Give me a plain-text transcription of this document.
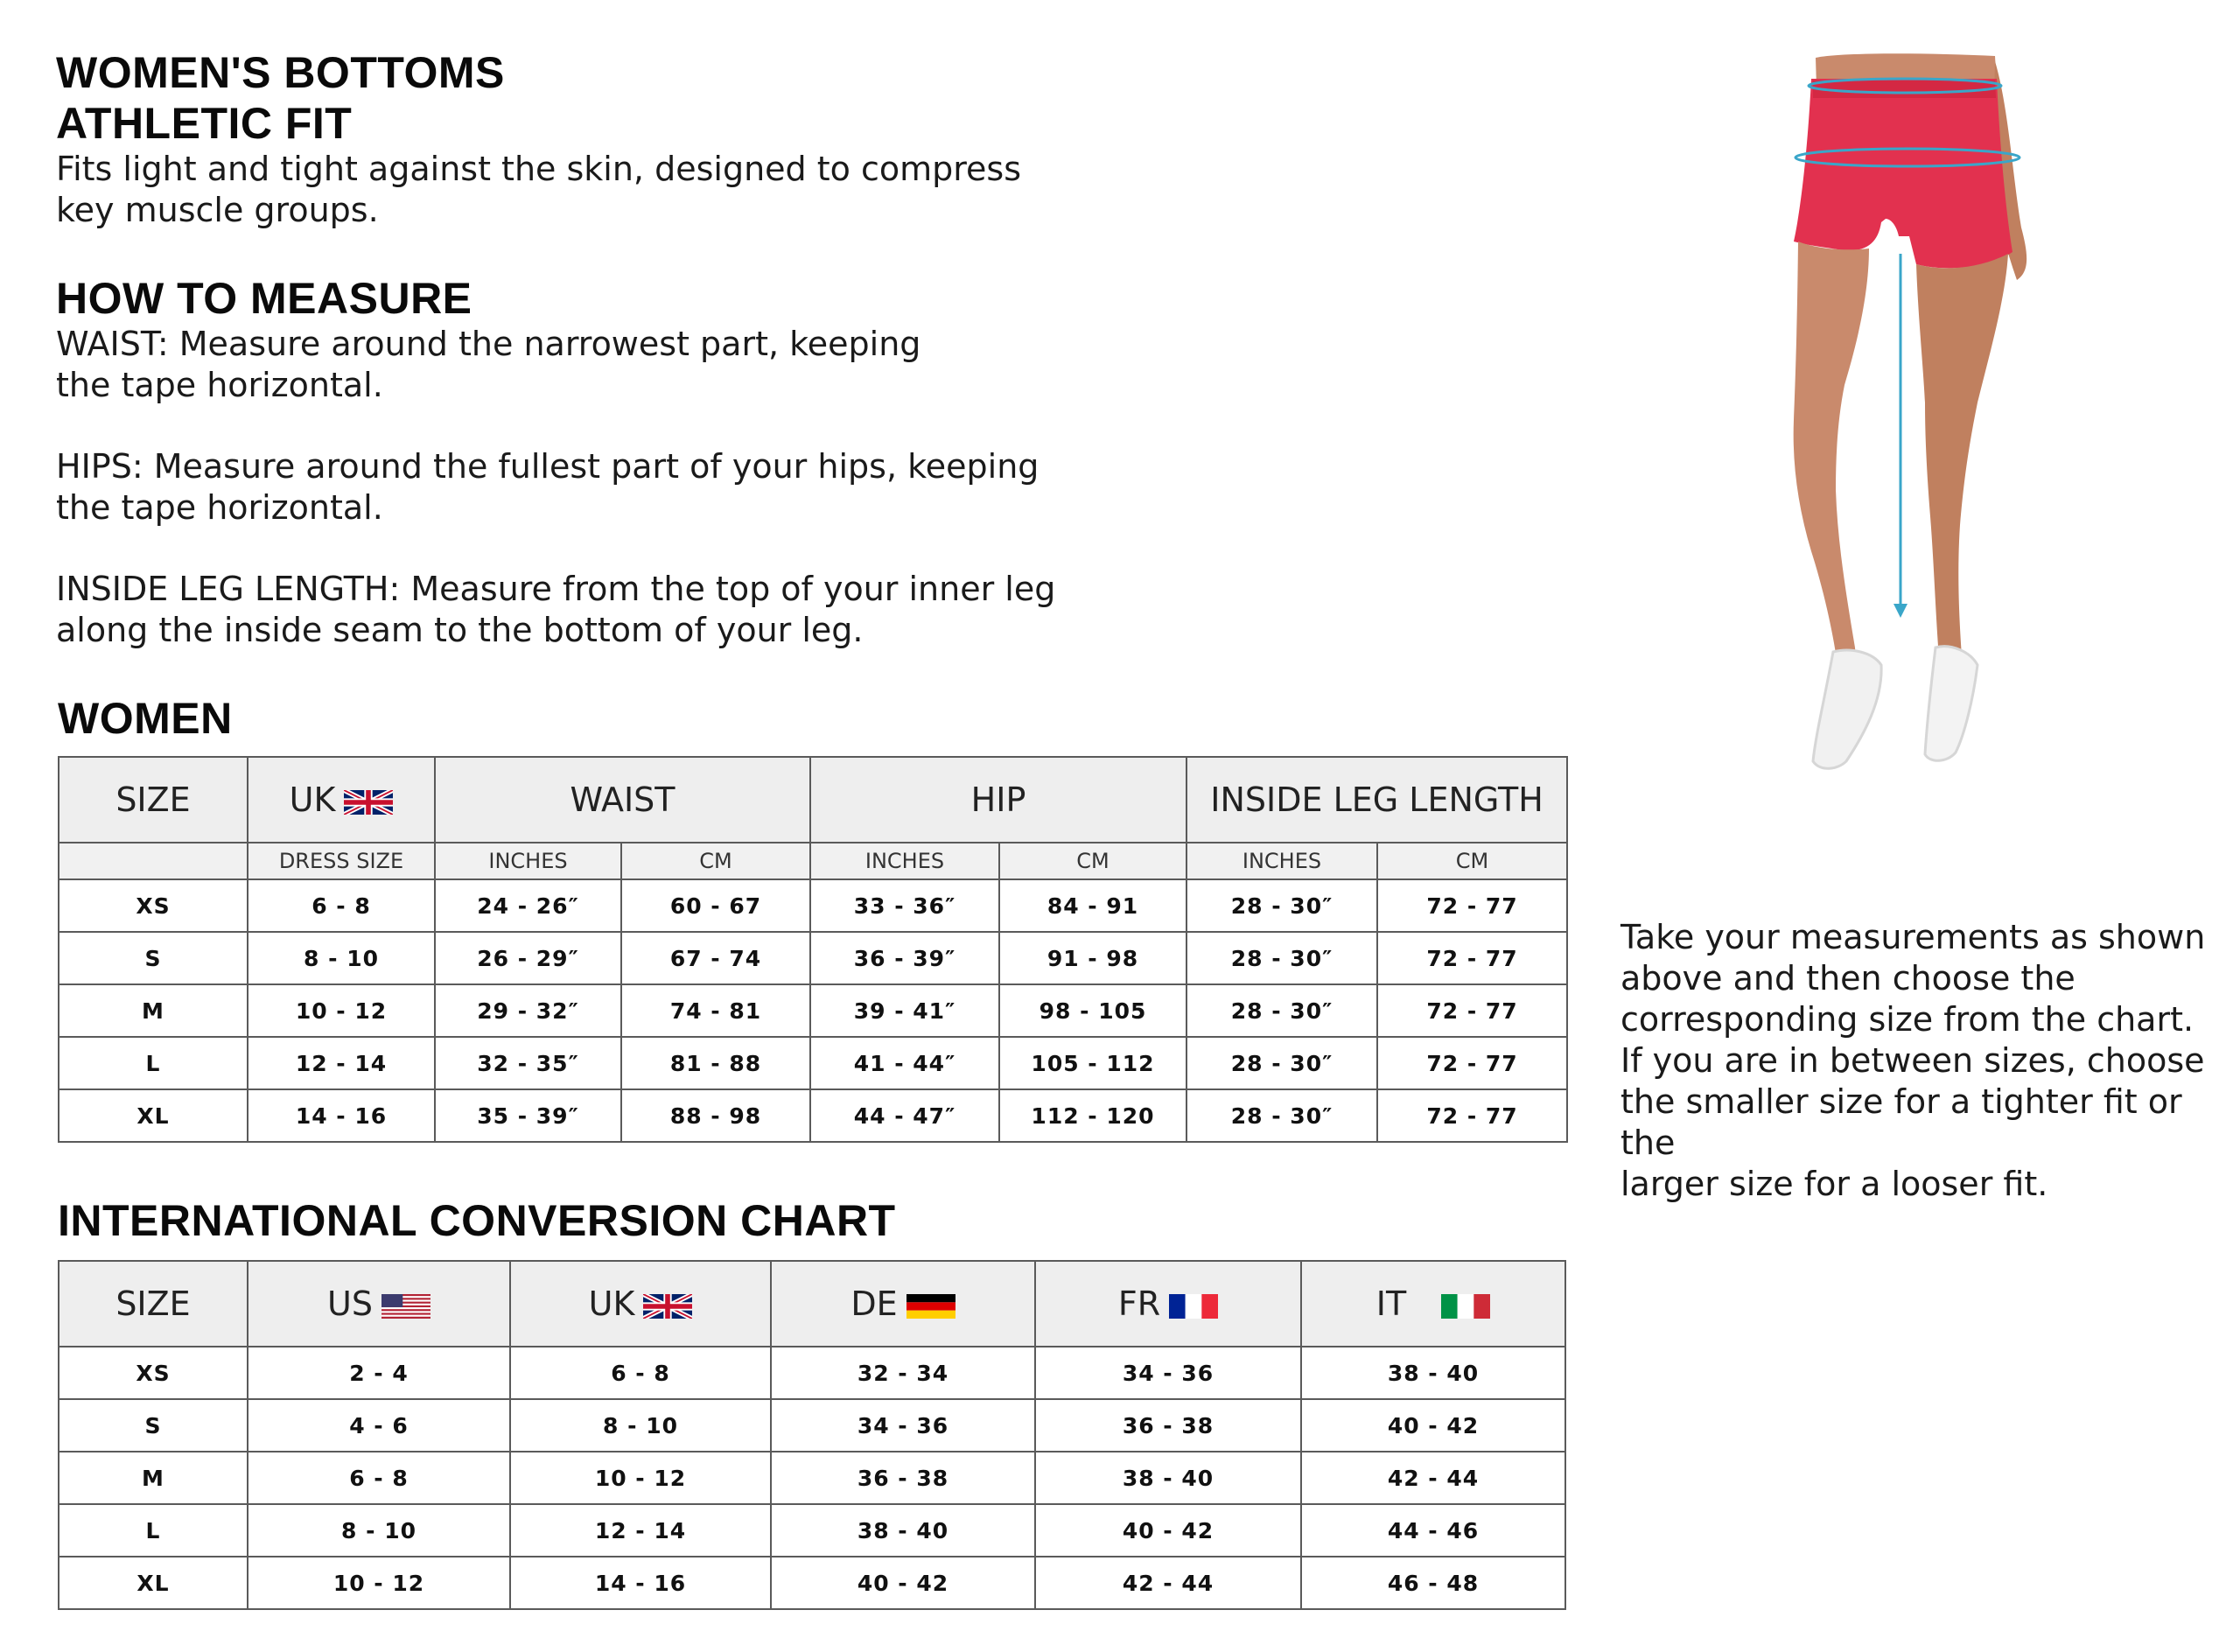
WOMEN'S BOTTOMS
ATHLETIC FIT

Fits light and tight against the skin, designed to compress

key muscle groups.

HOW TO MEASURE

WAIST: Measure around the narrowest part, keeping

the tape horizontal.

HIPS: Measure around the fullest part of your hips, keeping

the tape horizontal.

INSIDE LEG LENGTH: Measure from the top of your inner leg

along the inside seam to the bottom of your leg.

WOMEN
SIZE	UK	WAIST		HIP		INSIDE LEG LENGTH	
	DRESS SIZE	INCHES	CM	INCHES	CM	INCHES	CM
XS	6 - 8	24 - 26″	60 - 67	33 - 36″	84 - 91	28 - 30″	72 - 77
S	8 - 10	26 - 29″	67 - 74	36 - 39″	91 - 98	28 - 30″	72 - 77
M	10 - 12	29 - 32″	74 - 81	39 - 41″	98 - 105	28 - 30″	72 - 77
L	12 - 14	32 - 35″	81 - 88	41 - 44″	105 - 112	28 - 30″	72 - 77
XL	14 - 16	35 - 39″	88 - 98	44 - 47″	112 - 120	28 - 30″	72 - 77
INTERNATIONAL CONVERSION CHART
SIZE	US	UK	DE	FR	IT

XS	2 - 4	6 - 8	32 - 34	34 - 36	38 - 40
S	4 - 6	8 - 10	34 - 36	36 - 38	40 - 42
M	6 - 8	10 - 12	36 - 38	38 - 40	42 - 44
L	8 - 10	12 - 14	38 - 40	40 - 42	44 - 46
XL	10 - 12	14 - 16	40 - 42	42 - 44	46 - 48

Take your measurements as shown

above and then choose the

corresponding size from the chart.

If you are in between sizes, choose

the smaller size for a tighter fit or the

larger size for a looser fit.
